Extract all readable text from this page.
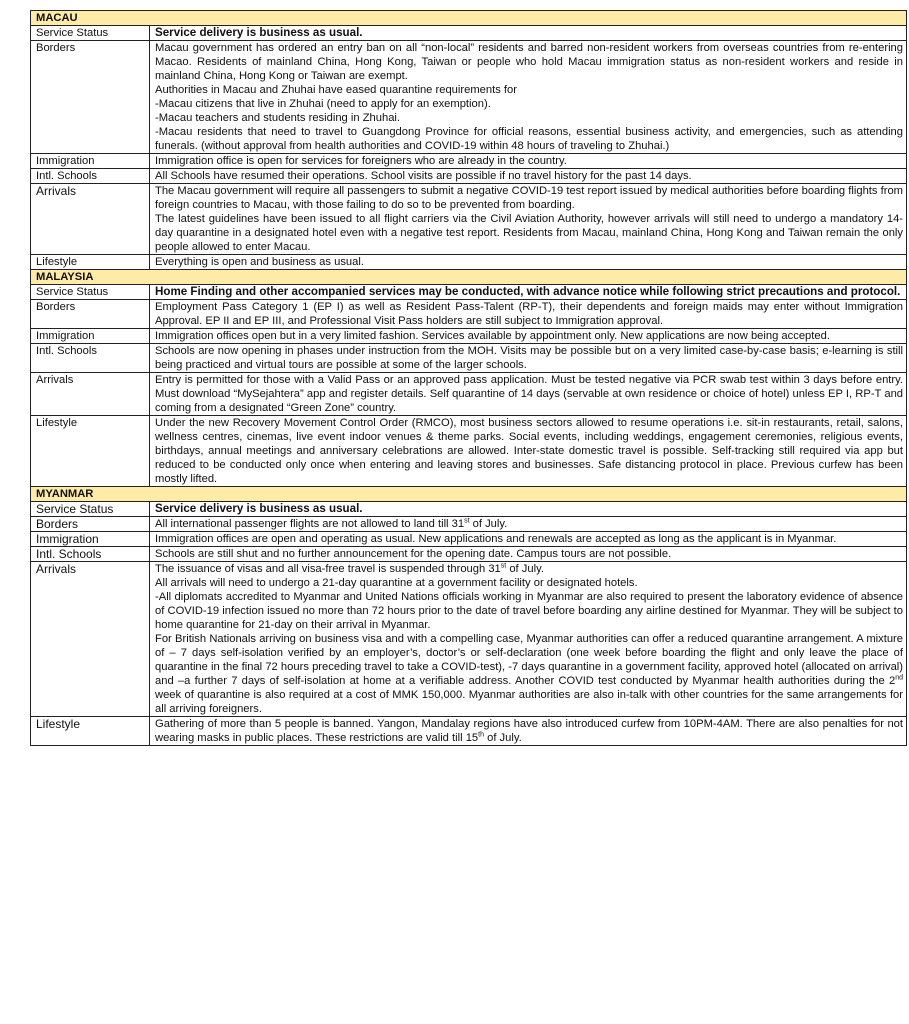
MACAU	
Service Status	Service delivery is business as usual.

Borders	Macau government has ordered an entry ban on all “non-local” residents and barred non-resident workers from overseas countries from re-entering Macao. Residents of mainland China, Hong Kong, Taiwan or people who hold Macau immigration status as non-resident workers and reside in mainland China, Hong Kong or Taiwan are exempt.
Authorities in Macau and Zhuhai have eased quarantine requirements for
-Macau citizens that live in Zhuhai (need to apply for an exemption).
-Macau teachers and students residing in Zhuhai.
-Macau residents that need to travel to Guangdong Province for official reasons, essential business activity, and emergencies, such as attending funerals. (without approval from health authorities and COVID-19 within 48 hours of traveling to Zhuhai.)

Immigration	Immigration office is open for services for foreigners who are already in the country.

Intl. Schools	All Schools have resumed their operations. School visits are possible if no travel history for the past 14 days.

Arrivals	The Macau government will require all passengers to submit a negative COVID-19 test report issued by medical authorities before boarding flights from foreign countries to Macau, with those failing to do so to be prevented from boarding.
The latest guidelines have been issued to all flight carriers via the Civil Aviation Authority, however arrivals will still need to undergo a mandatory 14-day quarantine in a designated hotel even with a negative test report. Residents from Macau, mainland China, Hong Kong and Taiwan remain the only people allowed to enter Macau.

Lifestyle	Everything is open and business as usual.

MALAYSIA	
Service Status	Home Finding and other accompanied services may be conducted, with advance notice while following strict precautions and protocol.

Borders	Employment Pass Category 1 (EP I) as well as Resident Pass-Talent (RP-T), their dependents and foreign maids may enter without Immigration Approval. EP II and EP III, and Professional Visit Pass holders are still subject to Immigration approval.

Immigration	Immigration offices open but in a very limited fashion. Services available by appointment only. New applications are now being accepted.

Intl. Schools	Schools are now opening in phases under instruction from the MOH. Visits may be possible but on a very limited case-by-case basis; e-learning is still being practiced and virtual tours are possible at some of the larger schools.

Arrivals	Entry is permitted for those with a Valid Pass or an approved pass application. Must be tested negative via PCR swab test within 3 days before entry. Must download “MySejahtera” app and register details. Self quarantine of 14 days (servable at own residence or choice of hotel) unless EP I, RP-T and coming from a designated “Green Zone” country.

Lifestyle	Under the new Recovery Movement Control Order (RMCO), most business sectors allowed to resume operations i.e. sit-in restaurants, retail, salons, wellness centres, cinemas, live event indoor venues & theme parks. Social events, including weddings, engagement ceremonies, religious events, birthdays, annual meetings and anniversary celebrations are allowed. Inter-state domestic travel is possible. Self-tracking still required via app but reduced to be conducted only once when entering and leaving stores and businesses. Safe distancing protocol in place. Previous curfew has been mostly lifted.

MYANMAR	
Service Status	Service delivery is business as usual.

Borders	All international passenger flights are not allowed to land till 31st of July.

Immigration	Immigration offices are open and operating as usual. New applications and renewals are accepted as long as the applicant is in Myanmar.

Intl. Schools	Schools are still shut and no further announcement for the opening date. Campus tours are not possible.

Arrivals	The issuance of visas and all visa-free travel is suspended through 31st of July.
All arrivals will need to undergo a 21-day quarantine at a government facility or designated hotels.
-All diplomats accredited to Myanmar and United Nations officials working in Myanmar are also required to present the laboratory evidence of absence of COVID-19 infection issued no more than 72 hours prior to the date of travel before boarding any airline destined for Myanmar. They will be subject to home quarantine for 21-day on their arrival in Myanmar.
For British Nationals arriving on business visa and with a compelling case, Myanmar authorities can offer a reduced quarantine arrangement. A mixture of – 7 days self-isolation verified by an employer’s, doctor’s or self-declaration (one week before boarding the flight and only leave the place of quarantine in the final 72 hours preceding travel to take a COVID-test), -7 days quarantine in a government facility, approved hotel (allocated on arrival) and –a further 7 days of self-isolation at home at a verifiable address. Another COVID test conducted by Myanmar health authorities during the 2nd week of quarantine is also required at a cost of MMK 150,000. Myanmar authorities are also in-talk with other countries for the same arrangements for all arriving foreigners.

Lifestyle	Gathering of more than 5 people is banned. Yangon, Mandalay regions have also introduced curfew from 10PM-4AM. There are also penalties for not wearing masks in public places. These restrictions are valid till 15th of July.
